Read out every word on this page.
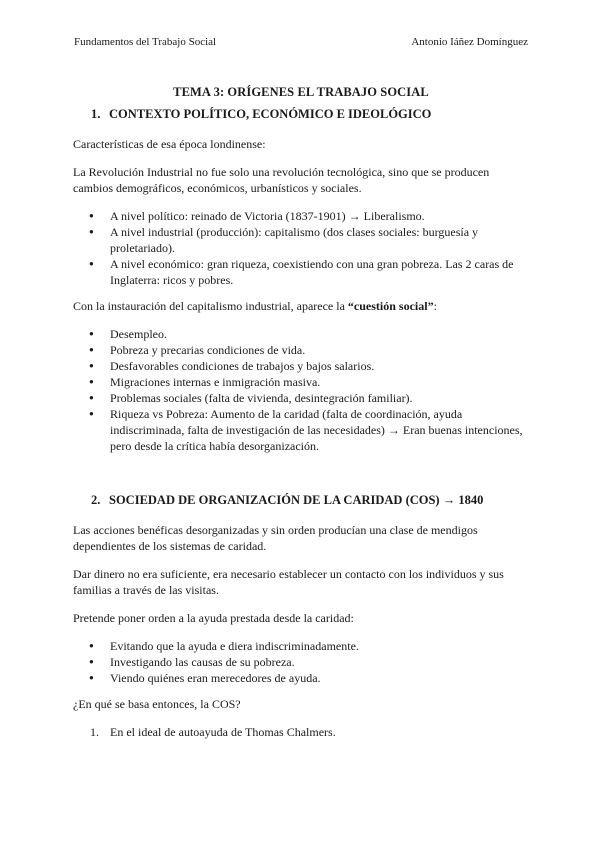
Fundamentos del Trabajo Social	Antonio Iáñez Domínguez

TEMA 3: ORÍGENES EL TRABAJO SOCIAL

1. CONTEXTO POLÍTICO, ECONÓMICO E IDEOLÓGICO

Características de esa época londinense:

La Revolución Industrial no fue solo una revolución tecnológica, sino que se producen cambios demográficos, económicos, urbanísticos y sociales.

● A nivel político: reinado de Victoria (1837-1901) → Liberalismo.
● A nivel industrial (producción): capitalismo (dos clases sociales: burguesía y proletariado).
● A nivel económico: gran riqueza, coexistiendo con una gran pobreza. Las 2 caras de Inglaterra: ricos y pobres.

Con la instauración del capitalismo industrial, aparece la “cuestión social”:

● Desempleo.
● Pobreza y precarias condiciones de vida.
● Desfavorables condiciones de trabajos y bajos salarios.
● Migraciones internas e inmigración masiva.
● Problemas sociales (falta de vivienda, desintegración familiar).
● Riqueza vs Pobreza: Aumento de la caridad (falta de coordinación, ayuda indiscriminada, falta de investigación de las necesidades) → Eran buenas intenciones, pero desde la crítica había desorganización.
2. SOCIEDAD DE ORGANIZACIÓN DE LA CARIDAD (COS) → 1840

Las acciones benéficas desorganizadas y sin orden producían una clase de mendigos dependientes de los sistemas de caridad.

Dar dinero no era suficiente, era necesario establecer un contacto con los individuos y sus familias a través de las visitas.

Pretende poner orden a la ayuda prestada desde la caridad:

● Evitando que la ayuda e diera indiscriminadamente.
● Investigando las causas de su pobreza.
● Viendo quiénes eran merecedores de ayuda.

¿En qué se basa entonces, la COS?

1. En el ideal de autoayuda de Thomas Chalmers.
